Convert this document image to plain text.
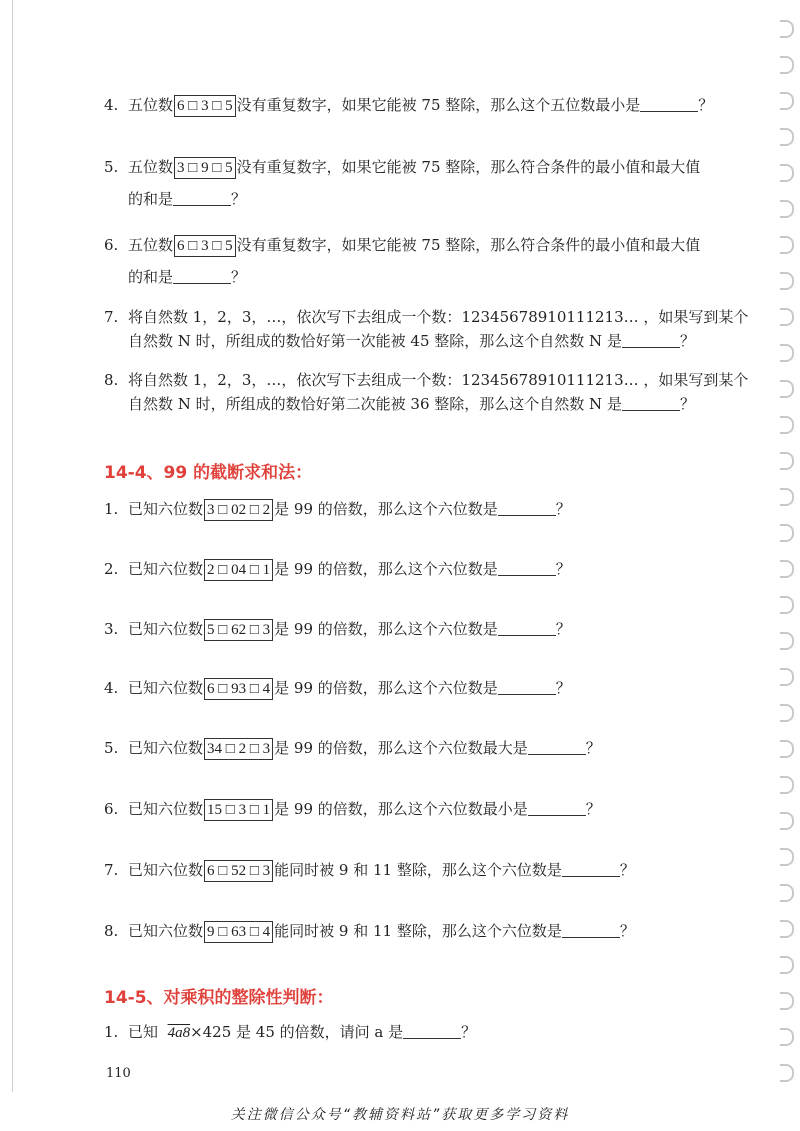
4. 五位数 6 □ 3 □ 5 没有重复数字，如果它能被 75 整除，那么这个五位数最小是	？
5. 五位数 3 □ 9 □ 5 没有重复数字，如果它能被 75 整除，那么符合条件的最小值和最大值
的和是	？
6. 五位数 6 □ 3 □ 5 没有重复数字，如果它能被 75 整除，那么符合条件的最小值和最大值
的和是	？
7. 将自然数 1，2，3，…，依次写下去组成一个数：12345678910111213… ，如果写到某个
自然数 N 时，所组成的数恰好第一次能被 45 整除，那么这个自然数 N 是	？
8. 将自然数 1，2，3，…，依次写下去组成一个数：12345678910111213… ，如果写到某个
自然数 N 时，所组成的数恰好第二次能被 36 整除，那么这个自然数 N 是	？
14-4、99 的截断求和法：
1. 已知六位数 3 □ 02 □ 2 是 99 的倍数，那么这个六位数是	？
2. 已知六位数 2 □ 04 □ 1 是 99 的倍数，那么这个六位数是	？
3. 已知六位数 5 □ 62 □ 3 是 99 的倍数，那么这个六位数是	？
4. 已知六位数 6 □ 93 □ 4 是 99 的倍数，那么这个六位数是	？
5. 已知六位数 34 □ 2 □ 3 是 99 的倍数，那么这个六位数最大是	？
6. 已知六位数 15 □ 3 □ 1 是 99 的倍数，那么这个六位数最小是	？
7. 已知六位数 6 □ 52 □ 3 能同时被 9 和 11 整除，那么这个六位数是	？
8. 已知六位数 9 □ 63 □ 4 能同时被 9 和 11 整除，那么这个六位数是	？
14-5、对乘积的整除性判断：
1. 已知 4a8×425 是 45 的倍数，请问 a 是	？
110
关注微信公众号“教辅资料站”获取更多学习资料
